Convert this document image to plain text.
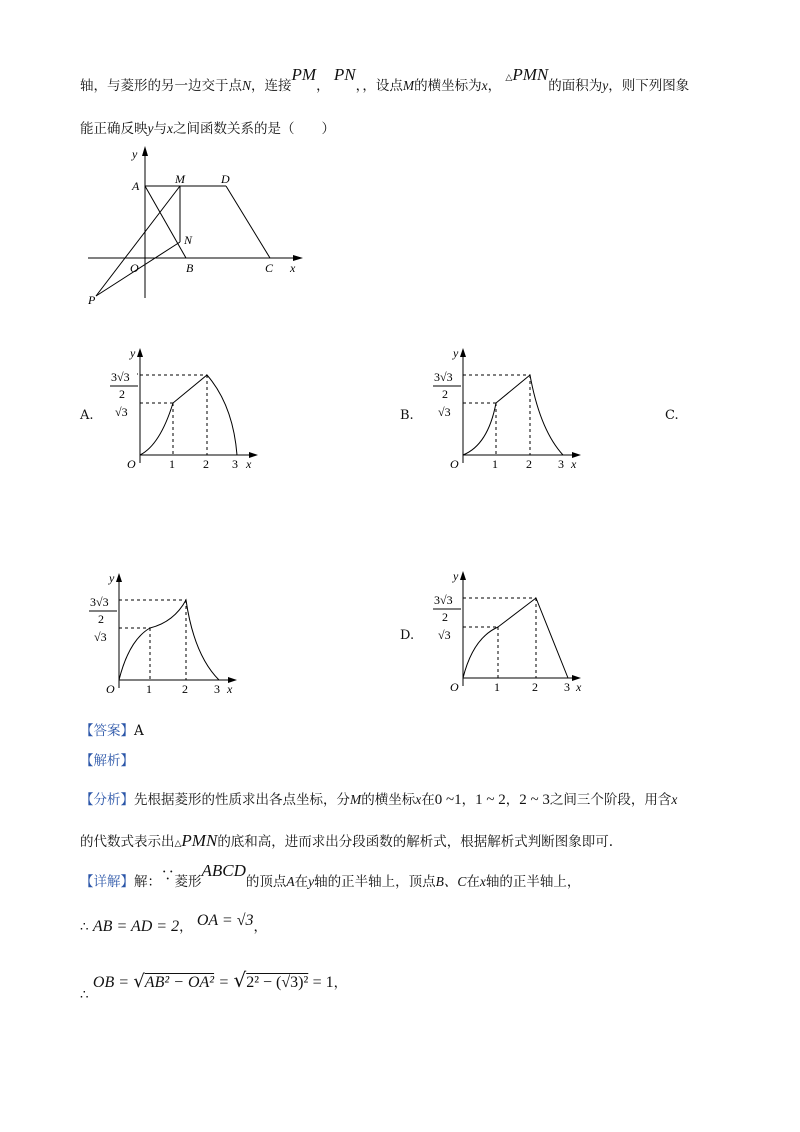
轴，与菱形的另一边交于点N，连接PM， PN，，设点M的横坐标为x， △PMN的面积为y，则下列图象
能正确反映y与x之间函数关系的是（　　）
y
A	M	D
N
O	B	C x
P
A.	B.	C.
D.
y
3√3
2
√3
O	1 2 3 x
y
3√3
2
√3
O	1 2 3 x
y
3√3
2
√3
O	1	2 3 x
y
3√3
2
√3
O	1	2 3 x
【答案】A
【解析】
【分析】先根据菱形的性质求出各点坐标，分M的横坐标x在0 ~1，1 ~ 2，2 ~ 3之间三个阶段，用含x
的代数式表示出△PMN的底和高，进而求出分段函数的解析式，根据解析式判断图象即可.
【详解】解：∵菱形ABCD的顶点A在y轴的正半轴上，顶点B、C在x轴的正半轴上，
∴ AB = AD = 2， OA = √3，
∴ OB = √AB² − OA² = √2² − (√3)² = 1，
